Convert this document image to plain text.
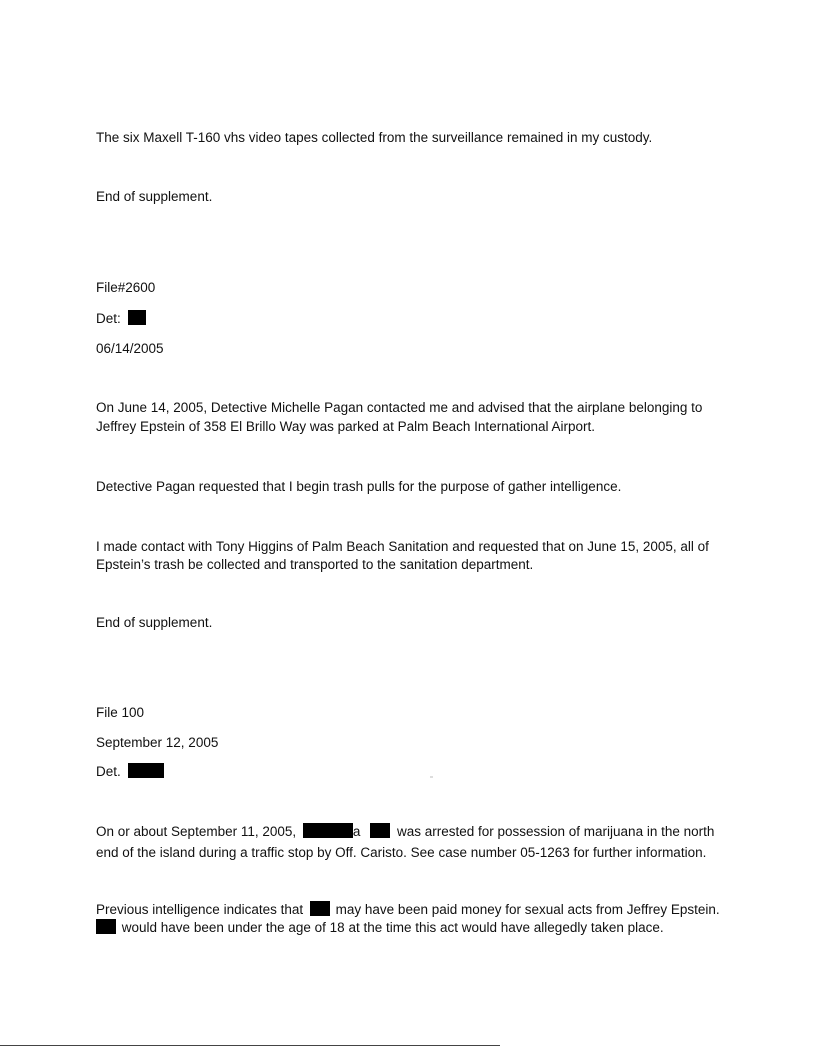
The six Maxell T-160 vhs video tapes collected from the surveillance remained in my custody.
End of supplement.
File#2600
Det:
06/14/2005
On June 14, 2005, Detective Michelle Pagan contacted me and advised that the airplane belonging to
Jeffrey Epstein of 358 El Brillo Way was parked at Palm Beach International Airport.
Detective Pagan requested that I begin trash pulls for the purpose of gather intelligence.
I made contact with Tony Higgins of Palm Beach Sanitation and requested that on June 15, 2005, all of
Epstein’s trash be collected and transported to the sanitation department.
End of supplement.
File 100
September 12, 2005
Det.
On or about September 11, 2005,	a	was arrested for possession of marijuana in the north
end of the island during a traffic stop by Off. Caristo. See case number 05-1263 for further information.
Previous intelligence indicates that may have been paid money for sexual acts from Jeffrey Epstein.
would have been under the age of 18 at the time this act would have allegedly taken place.
